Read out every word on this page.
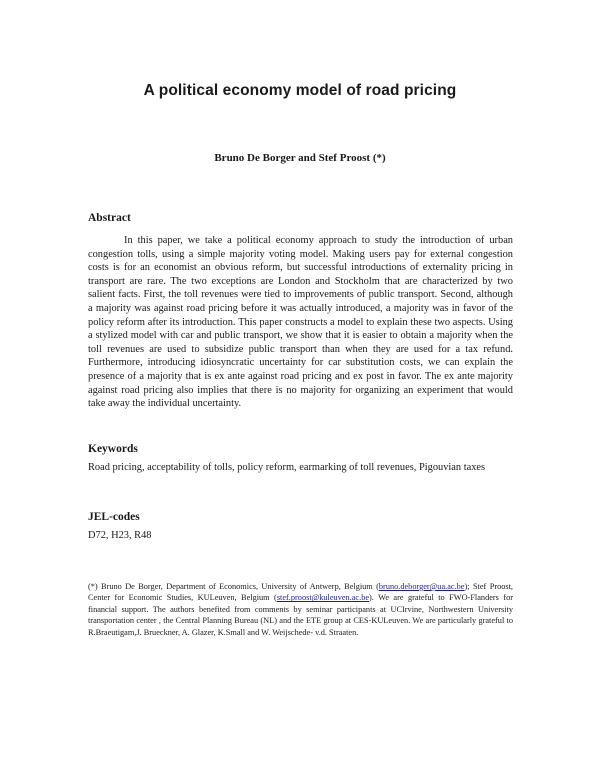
A political economy model of road pricing
Bruno De Borger and Stef Proost (*)
Abstract
In this paper, we take a political economy approach to study the introduction of urban congestion tolls, using a simple majority voting model. Making users pay for external congestion costs is for an economist an obvious reform, but successful introductions of externality pricing in transport are rare. The two exceptions are London and Stockholm that are characterized by two salient facts. First, the toll revenues were tied to improvements of public transport. Second, although a majority was against road pricing before it was actually introduced, a majority was in favor of the policy reform after its introduction. This paper constructs a model to explain these two aspects. Using a stylized model with car and public transport, we show that it is easier to obtain a majority when the toll revenues are used to subsidize public transport than when they are used for a tax refund. Furthermore, introducing idiosyncratic uncertainty for car substitution costs, we can explain the presence of a majority that is ex ante against road pricing and ex post in favor. The ex ante majority against road pricing also implies that there is no majority for organizing an experiment that would take away the individual uncertainty.
Keywords
Road pricing, acceptability of tolls, policy reform, earmarking of toll revenues, Pigouvian taxes
JEL-codes
D72, H23, R48
(*) Bruno De Borger, Department of Economics, University of Antwerp, Belgium (bruno.deborger@ua.ac.be); Stef Proost, Center for Economic Studies, KULeuven, Belgium (stef.proost@kuleuven.ac.be). We are grateful to FWO-Flanders for financial support. The authors benefited from comments by seminar participants at UCIrvine, Northwestern University transportation center , the Central Planning Bureau (NL) and the ETE group at CES-KULeuven. We are particularly grateful to R.Braeutigam,J. Brueckner, A. Glazer, K.Small and W. Weijschede- v.d. Straaten.
